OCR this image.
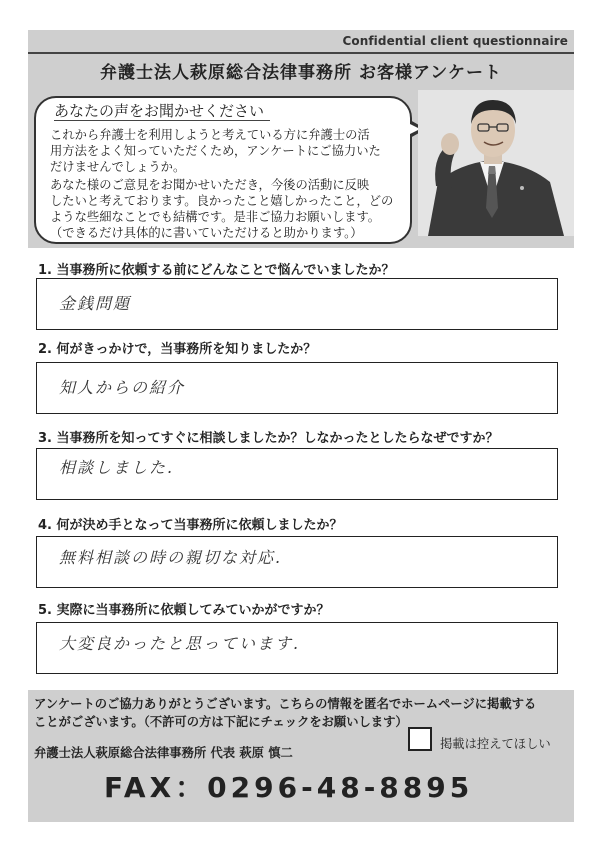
Confidential client questionnaire
弁護士法人萩原総合法律事務所 お客様アンケート
あなたの声をお聞かせください
これから弁護士を利用しようと考えている方に弁護士の活
用方法をよく知っていただくため，アンケートにご協力いた
だけませんでしょうか。
あなた様のご意見をお聞かせいただき，今後の活動に反映
したいと考えております。良かったこと嬉しかったこと，どの
ような些細なことでも結構です。是非ご協力お願いします。
（できるだけ具体的に書いていただけると助かります。）
1. 当事務所に依頼する前にどんなことで悩んでいましたか？
金銭問題
2. 何がきっかけで，当事務所を知りましたか？
知人からの紹介
3. 当事務所を知ってすぐに相談しましたか？しなかったとしたらなぜですか？
相談しました.
4. 何が決め手となって当事務所に依頼しましたか？
無料相談の時の親切な対応.
5. 実際に当事務所に依頼してみていかがですか？
大変良かったと思っています.
アンケートのご協力ありがとうございます。こちらの情報を匿名でホームページに掲載する
ことがございます。（不許可の方は下記にチェックをお願いします）
弁護士法人萩原総合法律事務所 代表 萩原 慎二
掲載は控えてほしい
FAX：0296-48-8895
